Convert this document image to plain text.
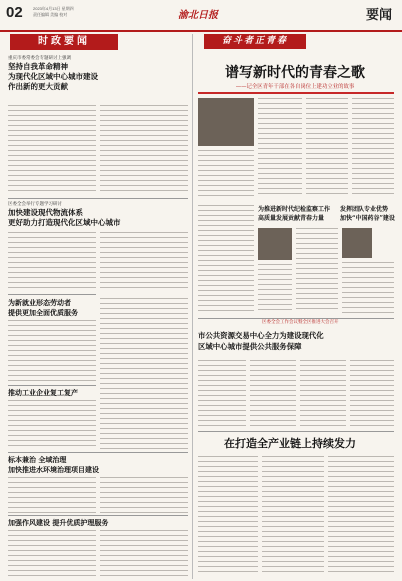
02	2023年4月13日 星期四
责任编辑 美编 校对	渝北日报	要闻
时政要闻
重庆市委常委会专题研讨上强调
坚持自我革命精神
为现代化区域中心城市建设
作出新的更大贡献
区委全会举行专题学习研讨
加快建设现代物流体系
更好助力打造现代化区域中心城市
为新就业形态劳动者
提供更加全面优质服务
推动工业企业复工复产
标本兼治 全域治理
加快推进水环境治理项目建设
加强作风建设 提升优质护理服务
奋斗者正青春
谱写新时代的青春之歌
——记全区青年干部在各自岗位上建功立业的故事
为推进新时代纪检监察工作
高质量发展贡献青春力量
发挥团队专业优势
加快“中国药谷”建设
区委全会工作会议暨全区推进大会召开
市公共资源交易中心全力为建设现代化
区域中心城市提供公共服务保障
在打造全产业链上持续发力
